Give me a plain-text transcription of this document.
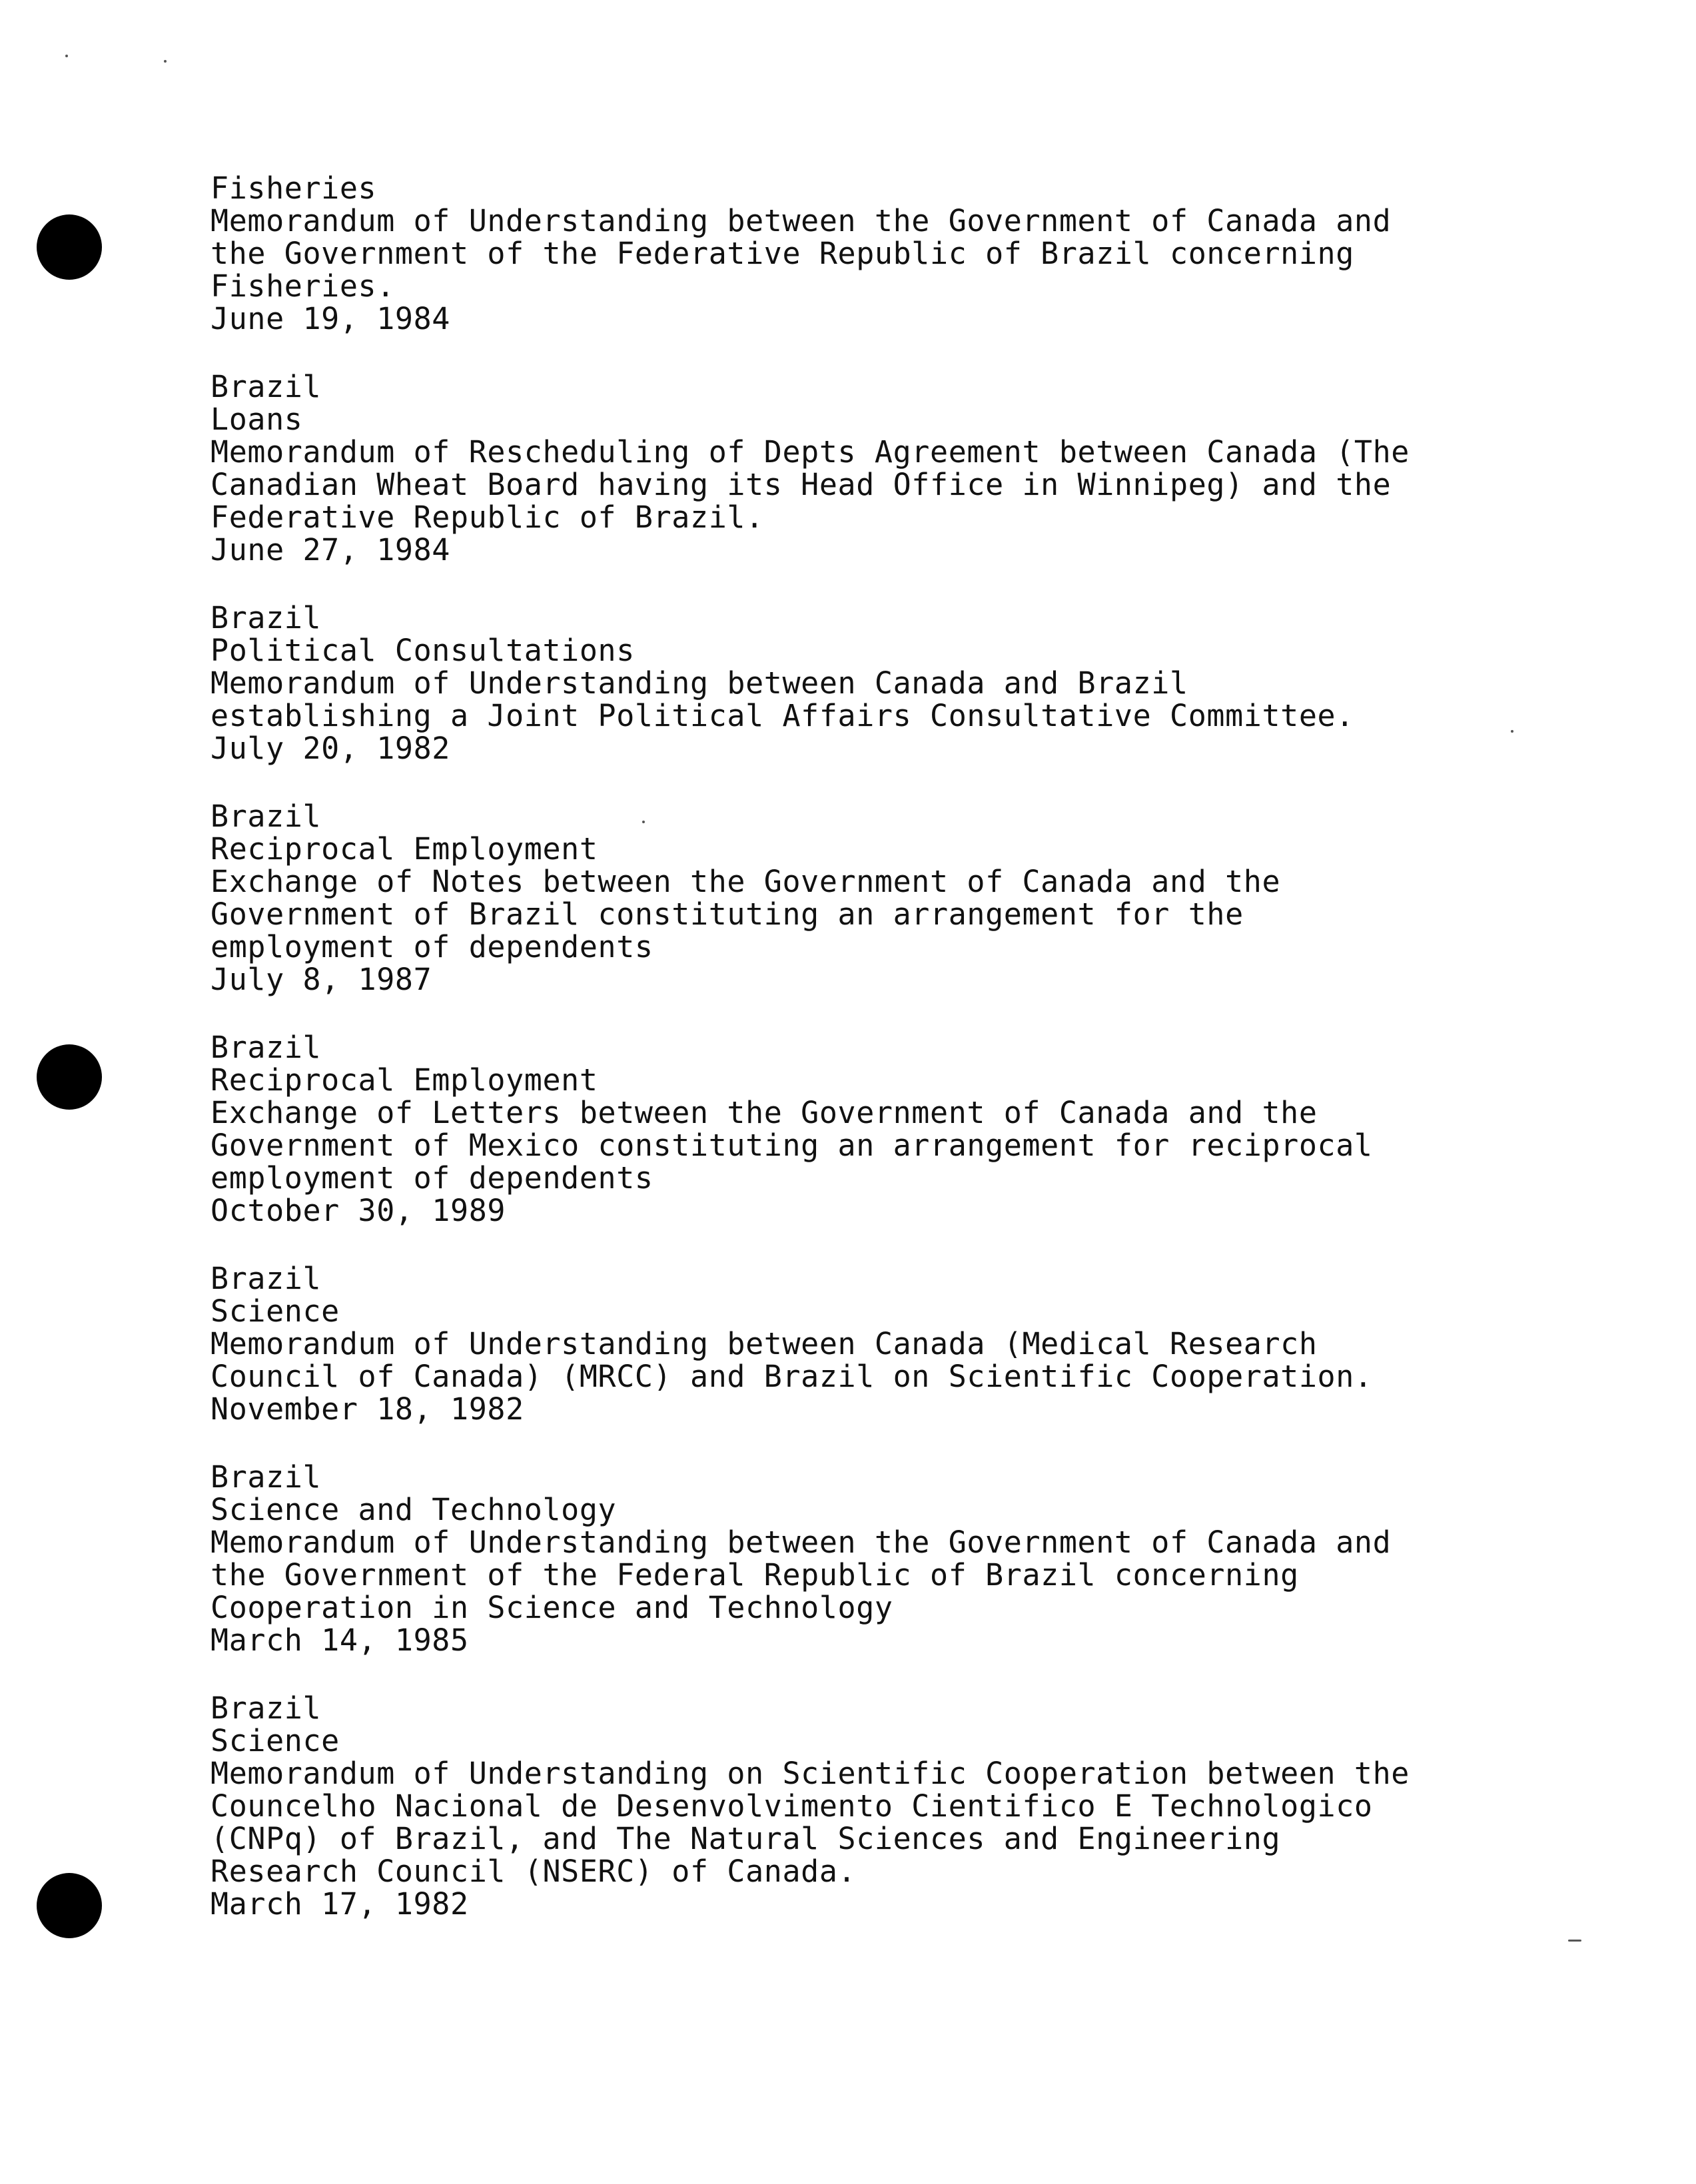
Fisheries
Memorandum of Understanding between the Government of Canada and
the Government of the Federative Republic of Brazil concerning
Fisheries.
June 19, 1984
Brazil
Loans
Memorandum of Rescheduling of Depts Agreement between Canada (The
Canadian Wheat Board having its Head Office in Winnipeg) and the
Federative Republic of Brazil.
June 27, 1984
Brazil
Political Consultations
Memorandum of Understanding between Canada and Brazil
establishing a Joint Political Affairs Consultative Committee.
July 20, 1982
Brazil
Reciprocal Employment
Exchange of Notes between the Government of Canada and the
Government of Brazil constituting an arrangement for the
employment of dependents
July 8, 1987
Brazil
Reciprocal Employment
Exchange of Letters between the Government of Canada and the
Government of Mexico constituting an arrangement for reciprocal
employment of dependents
October 30, 1989
Brazil
Science
Memorandum of Understanding between Canada (Medical Research
Council of Canada) (MRCC) and Brazil on Scientific Cooperation.
November 18, 1982
Brazil
Science and Technology
Memorandum of Understanding between the Government of Canada and
the Government of the Federal Republic of Brazil concerning
Cooperation in Science and Technology
March 14, 1985
Brazil
Science
Memorandum of Understanding on Scientific Cooperation between the
Councelho Nacional de Desenvolvimento Cientifico E Technologico
(CNPq) of Brazil, and The Natural Sciences and Engineering
Research Council (NSERC) of Canada.
March 17, 1982
